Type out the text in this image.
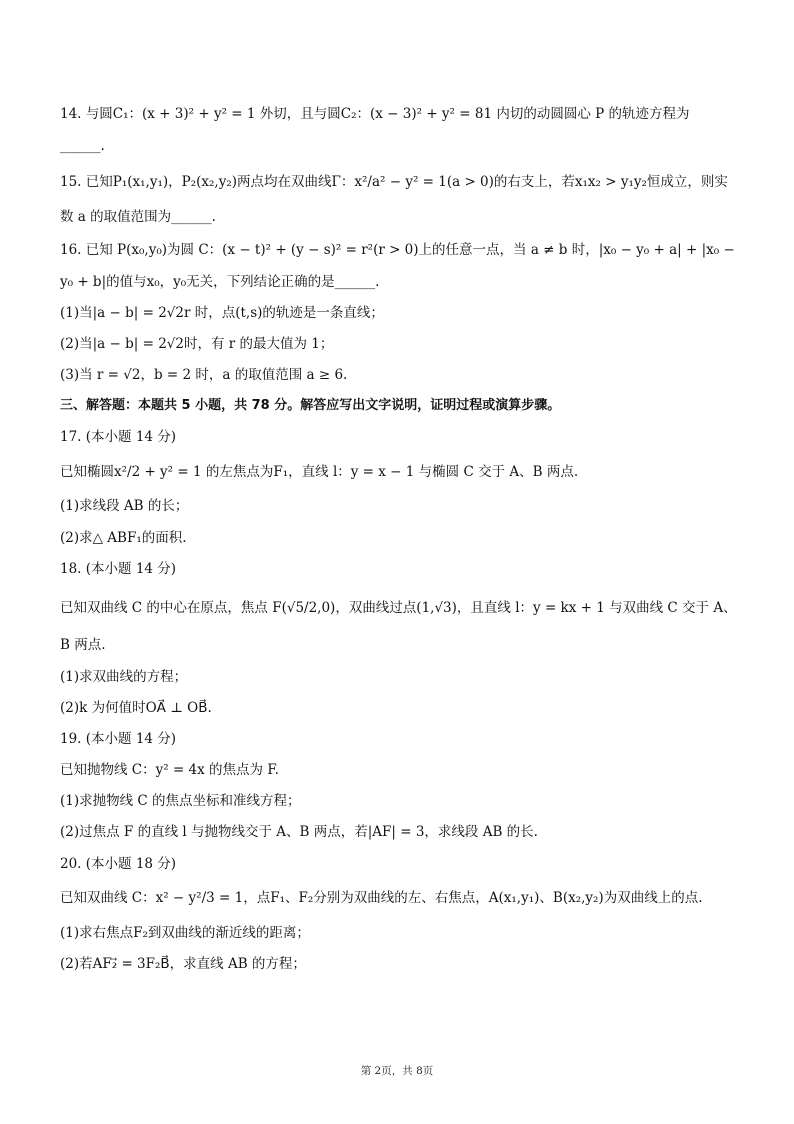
14. 与圆C₁：(x + 3)² + y² = 1 外切，且与圆C₂：(x − 3)² + y² = 81 内切的动圆圆心 P 的轨迹方程为
______.
15. 已知P₁(x₁,y₁)，P₂(x₂,y₂)两点均在双曲线Γ：x²/a² − y² = 1(a > 0)的右支上，若x₁x₂ > y₁y₂恒成立，则实
数 a 的取值范围为______.
16. 已知 P(x₀,y₀)为圆 C：(x − t)² + (y − s)² = r²(r > 0)上的任意一点，当 a ≠ b 时，|x₀ − y₀ + a| + |x₀ −
y₀ + b|的值与x₀，y₀无关，下列结论正确的是______.
(1)当|a − b| = 2√2r 时，点(t,s)的轨迹是一条直线；
(2)当|a − b| = 2√2时，有 r 的最大值为 1；
(3)当 r = √2，b = 2 时，a 的取值范围 a ≥ 6.
三、解答题：本题共 5 小题，共 78 分。解答应写出文字说明，证明过程或演算步骤。
17. (本小题 14 分)
已知椭圆x²/2 + y² = 1 的左焦点为F₁，直线 l：y = x − 1 与椭圆 C 交于 A、B 两点.
(1)求线段 AB 的长；
(2)求△ ABF₁的面积.
18. (本小题 14 分)
已知双曲线 C 的中心在原点，焦点 F(√5/2,0)，双曲线过点(1,√3)，且直线 l：y = kx + 1 与双曲线 C 交于 A、
B 两点.
(1)求双曲线的方程；
(2)k 为何值时OA⃗ ⊥ OB⃗.
19. (本小题 14 分)
已知抛物线 C：y² = 4x 的焦点为 F.
(1)求抛物线 C 的焦点坐标和准线方程；
(2)过焦点 F 的直线 l 与抛物线交于 A、B 两点，若|AF| = 3，求线段 AB 的长.
20. (本小题 18 分)
已知双曲线 C：x² − y²/3 = 1，点F₁、F₂分别为双曲线的左、右焦点，A(x₁,y₁)、B(x₂,y₂)为双曲线上的点.
(1)求右焦点F₂到双曲线的渐近线的距离；
(2)若AF₂⃗ = 3F₂B⃗，求直线 AB 的方程；
第 2页，共 8页
